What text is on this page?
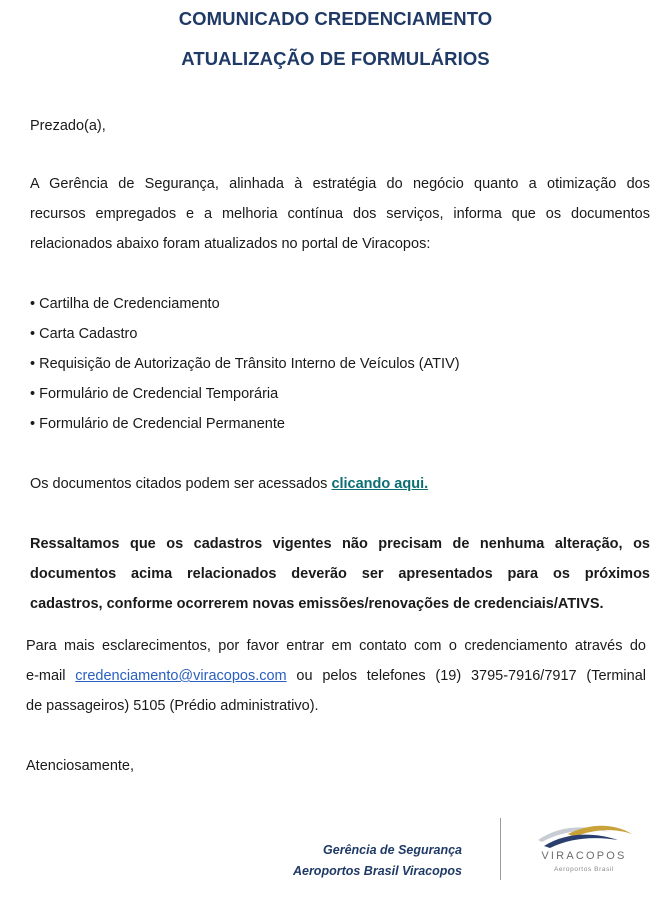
COMUNICADO CREDENCIAMENTO
ATUALIZAÇÃO DE FORMULÁRIOS
Prezado(a),
A Gerência de Segurança, alinhada à estratégia do negócio quanto a otimização dos
recursos empregados e a melhoria contínua dos serviços, informa que os documentos
relacionados abaixo foram atualizados no portal de Viracopos:
• Cartilha de Credenciamento
• Carta Cadastro
• Requisição de Autorização de Trânsito Interno de Veículos (ATIV)
• Formulário de Credencial Temporária
• Formulário de Credencial Permanente
Os documentos citados podem ser acessados clicando aqui.
Ressaltamos que os cadastros vigentes não precisam de nenhuma alteração, os
documentos acima relacionados deverão ser apresentados para os próximos
cadastros, conforme ocorrerem novas emissões/renovações de credenciais/ATIVS.
Para mais esclarecimentos, por favor entrar em contato com o credenciamento através do
e-mail credenciamento@viracopos.com ou pelos telefones (19) 3795-7916/7917 (Terminal
de passageiros) 5105 (Prédio administrativo).
Atenciosamente,
Gerência de Segurança
Aeroportos Brasil Viracopos
VIRACOPOS
Aeroportos Brasil
